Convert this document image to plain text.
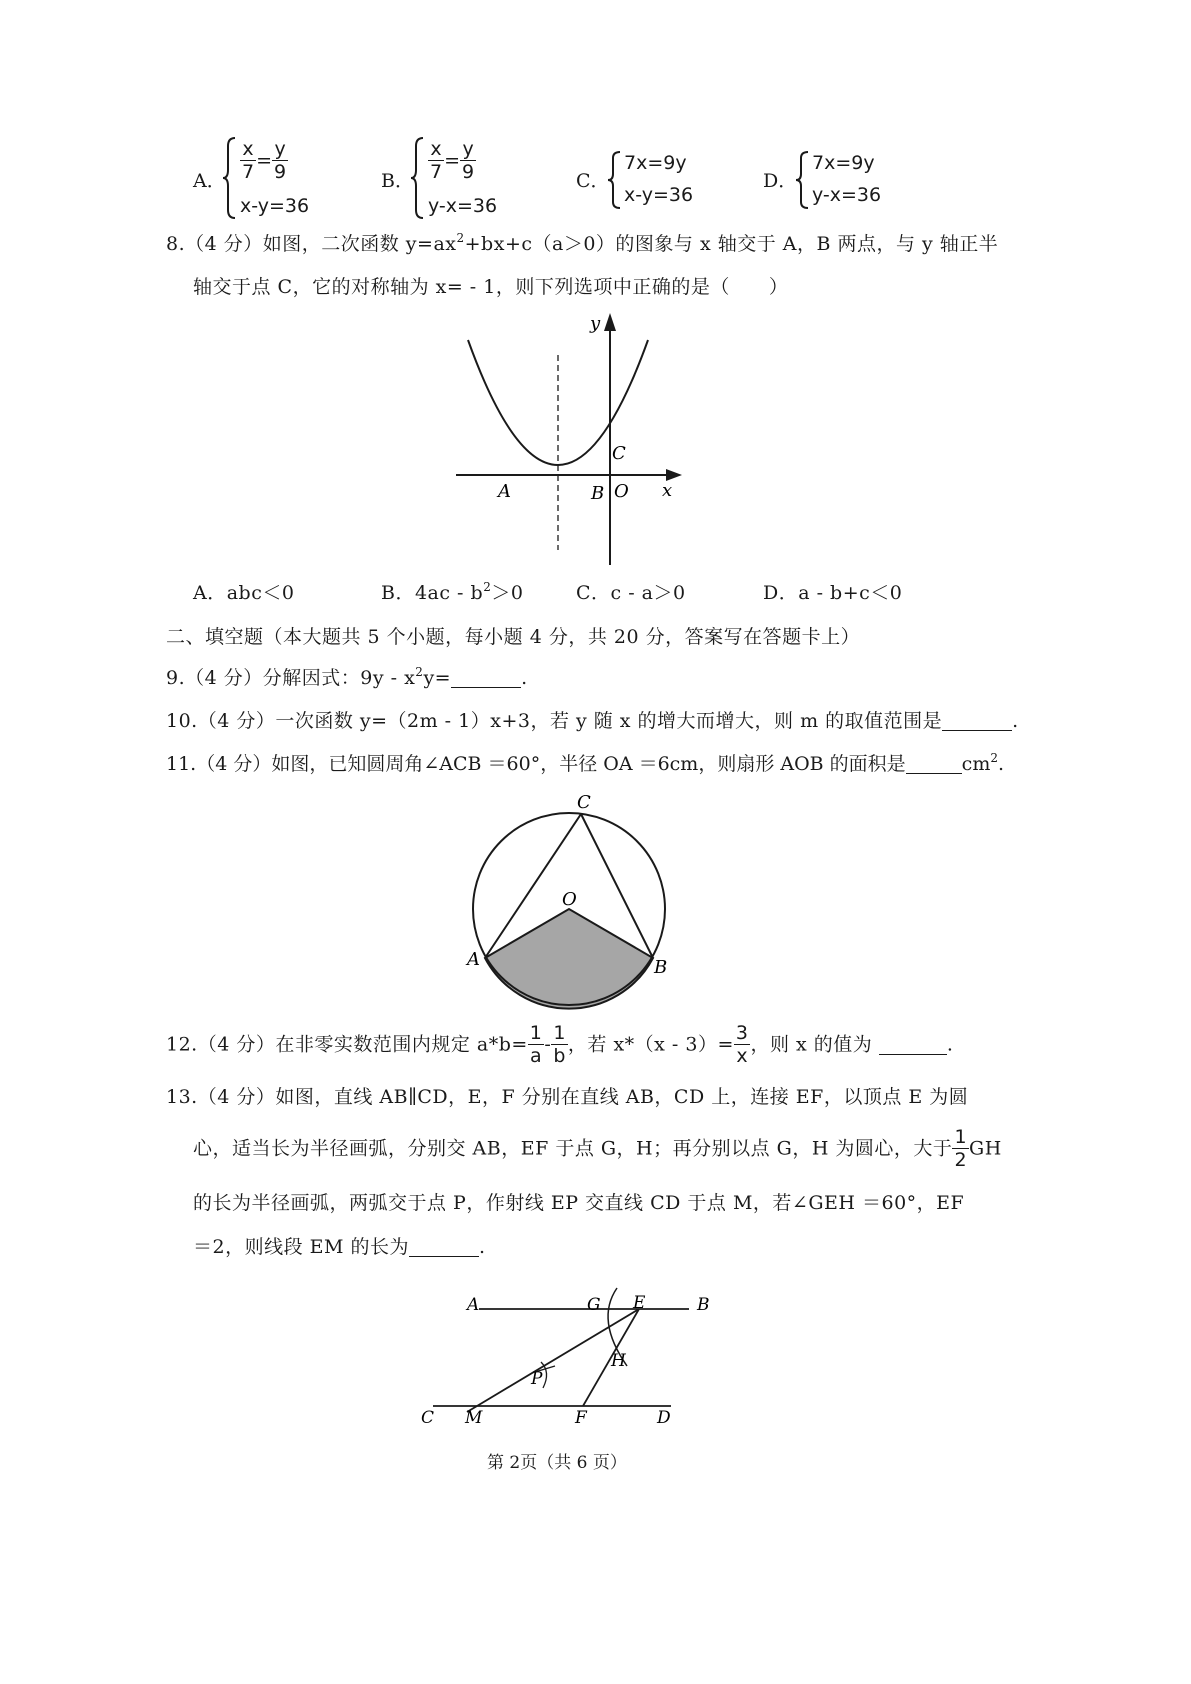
A． $\frac{x}{7} = \frac{y}{9}$
x-y=36
B． $\frac{x}{7} = \frac{y}{9}$
y-x=36
C．
7x=9y
x-y=36
D．
7x=9y
y-x=36
8.（4 分）如图，二次函数 $y=ax^2+bx+c(a>0)$的图象与 x 轴交于 A，B 两点，与 y 轴正半
轴交于点 C，它的对称轴为 x= - 1，则下列选项中正确的是（　　）
y
x
A	B
C
O
A．abc＜0	B．$4ac - b^2>0$	C．c - a＞0	D．a - b+c＜0
二、填空题（本大题共 5 个小题，每小题 4 分，共 20 分，答案写在答题卡上）
9.（4 分）分解因式：$9y - x^2y=$	.
10.（4 分）一次函数 y=（2m - 1）x+3，若 y 随 x 的增大而增大，则 m 的取值范围是	.
11.（4 分）如图，已知圆周角∠ACB ＝60°，半径 OA ＝6cm，则扇形 AOB 的面积是	$cm^2$.
C
O
A	B
12.（4 分）在非零实数范围内规定 $a*b= \frac{1}{a} - \frac{1}{b}$ ，若 $x*(x - 3)= \frac{3}{x}$ ，则 x 的值为	.
13.（4 分）如图，直线 AB∥CD，E，F 分别在直线 AB，CD 上，连接 EF，以顶点 E 为圆
心，适当长为半径画弧，分别交 AB，EF 于点 G，H；再分别以点 G，H 为圆心，大于 $\frac{1}{2}$ GH
的长为半径画弧，两弧交于点 P，作射线 EP 交直线 CD 于点 M，若∠GEH ＝60°，EF
＝2，则线段 EM 的长为	.
A	G E	B
H
P
C M	F	D
第 2页（共 6 页）
